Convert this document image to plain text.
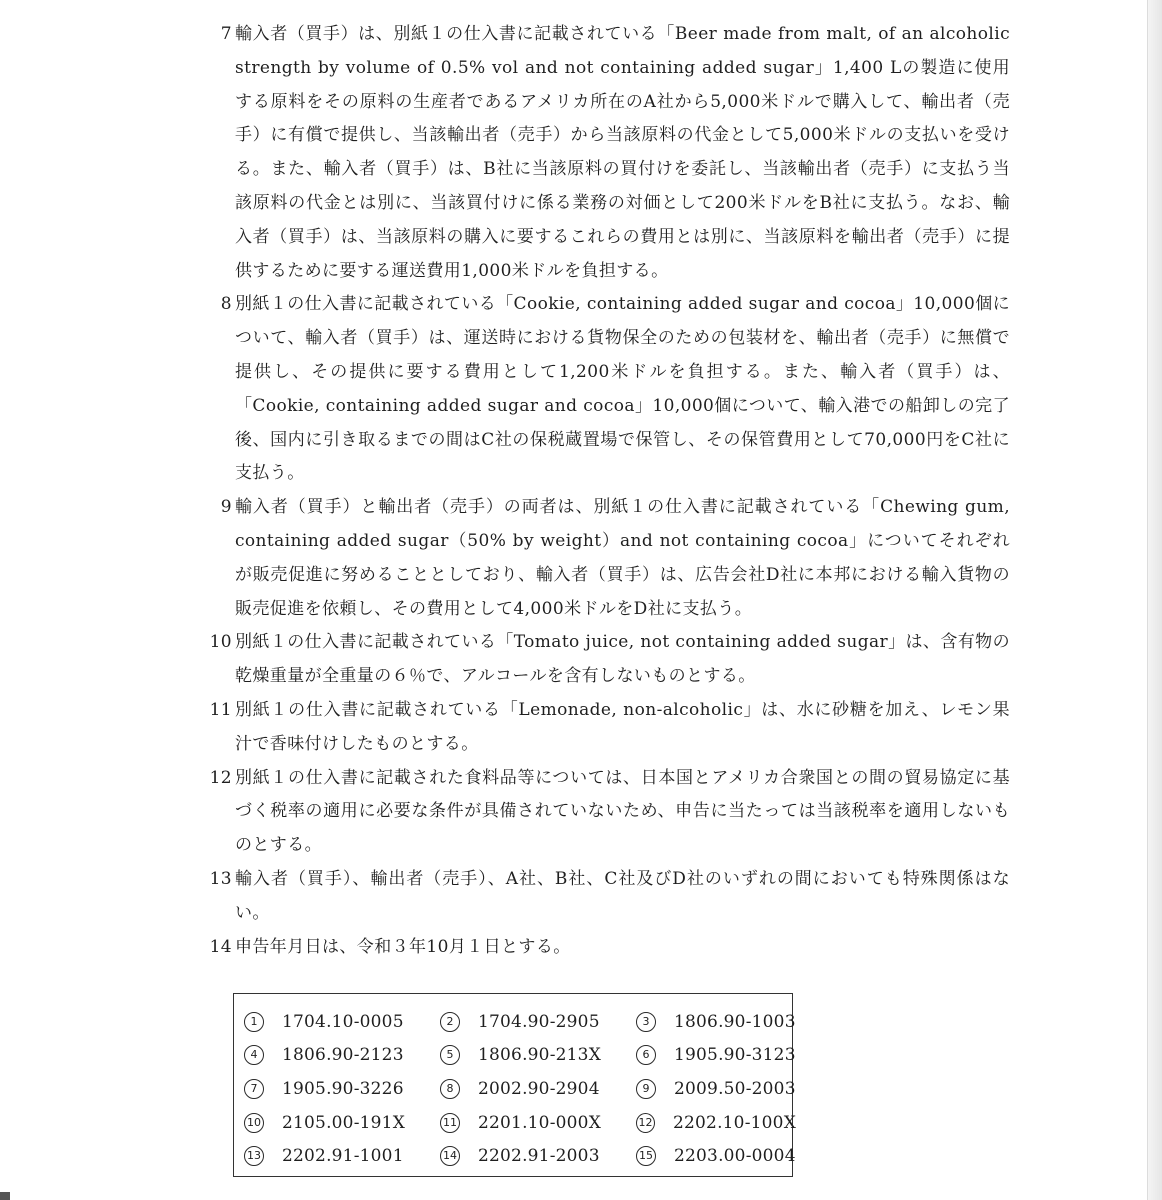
7 輸入者（買手）は、別紙１の仕入書に記載されている「Beer made from malt, of an alcoholic strength by volume of 0.5% vol and not containing added sugar」1,400 Lの製造に使用する原料をその原料の生産者であるアメリカ所在のA社から5,000米ドルで購入して、輸出者（売手）に有償で提供し、当該輸出者（売手）から当該原料の代金として5,000米ドルの支払いを受ける。また、輸入者（買手）は、B社に当該原料の買付けを委託し、当該輸出者（売手）に支払う当該原料の代金とは別に、当該買付けに係る業務の対価として200米ドルをB社に支払う。なお、輸入者（買手）は、当該原料の購入に要するこれらの費用とは別に、当該原料を輸出者（売手）に提供するために要する運送費用1,000米ドルを負担する。
8 別紙１の仕入書に記載されている「Cookie, containing added sugar and cocoa」10,000個について、輸入者（買手）は、運送時における貨物保全のための包装材を、輸出者（売手）に無償で提供し、その提供に要する費用として1,200米ドルを負担する。また、輸入者（買手）は、「Cookie, containing added sugar and cocoa」10,000個について、輸入港での船卸しの完了後、国内に引き取るまでの間はC社の保税蔵置場で保管し、その保管費用として70,000円をC社に支払う。
9 輸入者（買手）と輸出者（売手）の両者は、別紙１の仕入書に記載されている「Chewing gum, containing added sugar（50% by weight）and not containing cocoa」についてそれぞれが販売促進に努めることとしており、輸入者（買手）は、広告会社D社に本邦における輸入貨物の販売促進を依頼し、その費用として4,000米ドルをD社に支払う。
10 別紙１の仕入書に記載されている「Tomato juice, not containing added sugar」は、含有物の乾燥重量が全重量の６％で、アルコールを含有しないものとする。
11 別紙１の仕入書に記載されている「Lemonade, non-alcoholic」は、水に砂糖を加え、レモン果汁で香味付けしたものとする。
12 別紙１の仕入書に記載された食料品等については、日本国とアメリカ合衆国との間の貿易協定に基づく税率の適用に必要な条件が具備されていないため、申告に当たっては当該税率を適用しないものとする。
13 輸入者（買手）、輸出者（売手）、A社、B社、C社及びD社のいずれの間においても特殊関係はない。
14 申告年月日は、令和３年10月１日とする。
1	1704.10-0005	2	1704.90-2905	3	1806.90-1003
4	1806.90-2123	5	1806.90-213X	6	1905.90-3123
7	1905.90-3226	8	2002.90-2904	9	2009.50-2003
10 2105.00-191X	11 2201.10-000X	12 2202.10-100X
13 2202.91-1001	14 2202.91-2003	15 2203.00-0004
